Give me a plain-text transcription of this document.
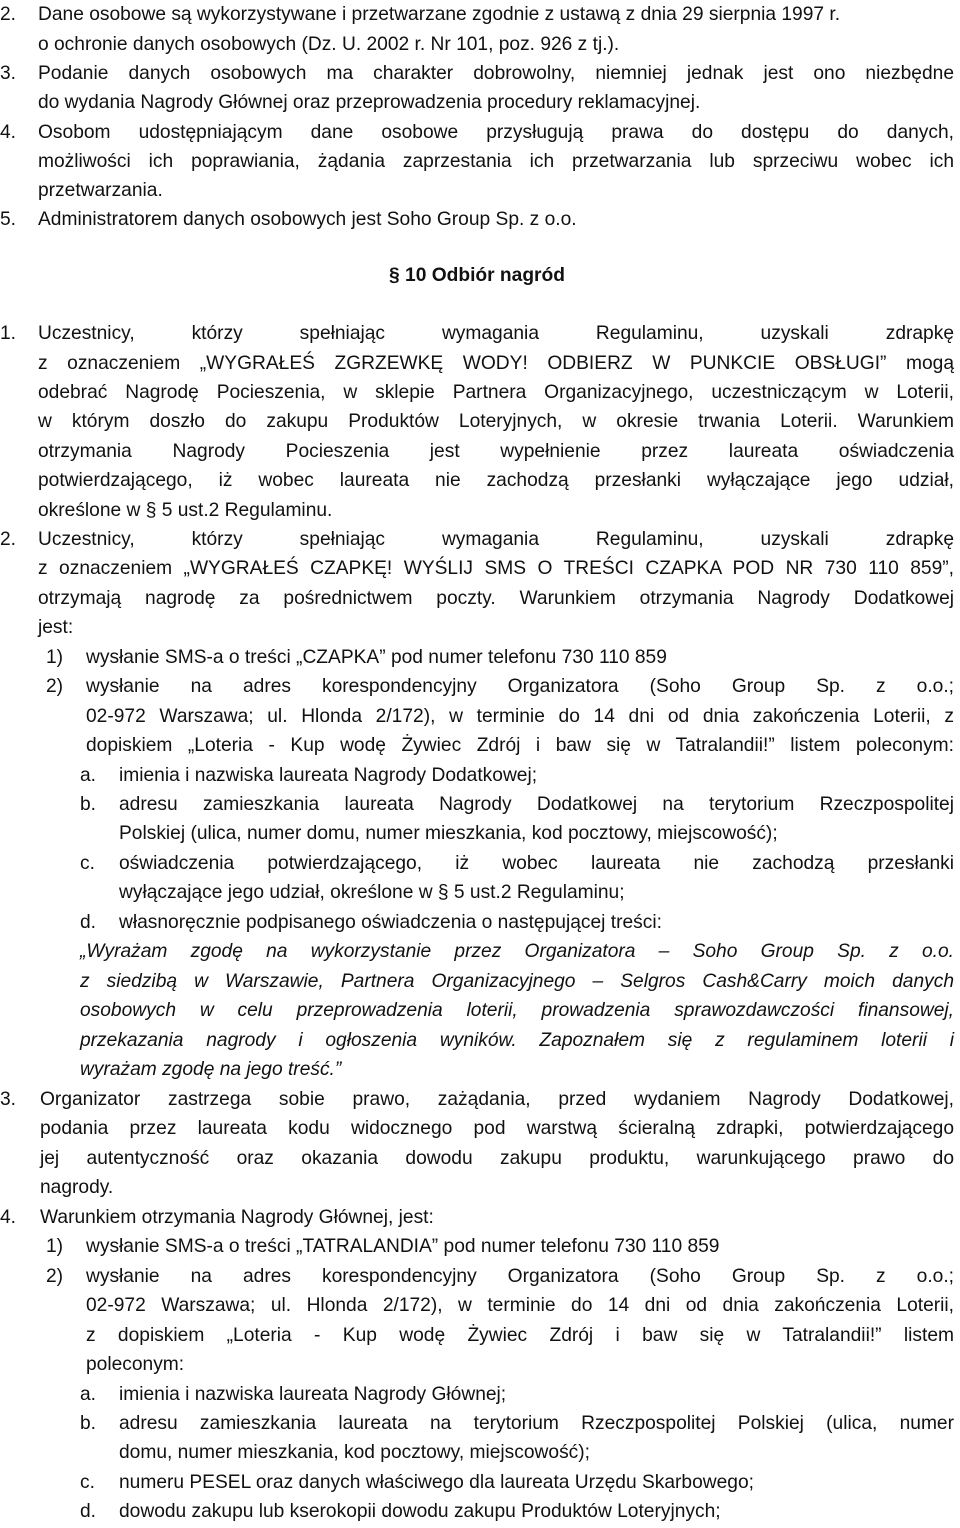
2. Dane osobowe są wykorzystywane i przetwarzane zgodnie z ustawą z dnia 29 sierpnia 1997 r.
o ochronie danych osobowych (Dz. U. 2002 r. Nr 101, poz. 926 z tj.).
3. Podanie danych osobowych ma charakter dobrowolny, niemniej jednak jest ono niezbędne
do wydania Nagrody Głównej oraz przeprowadzenia procedury reklamacyjnej.
4. Osobom udostępniającym dane osobowe przysługują prawa do dostępu do danych,
możliwości ich poprawiania, żądania zaprzestania ich przetwarzania lub sprzeciwu wobec ich
przetwarzania.
5. Administratorem danych osobowych jest Soho Group Sp. z o.o.
§ 10 Odbiór nagród
1. Uczestnicy, którzy spełniając wymagania Regulaminu, uzyskali zdrapkę
z oznaczeniem „WYGRAŁEŚ ZGRZEWKĘ WODY! ODBIERZ W PUNKCIE OBSŁUGI” mogą
odebrać Nagrodę Pocieszenia, w sklepie Partnera Organizacyjnego, uczestniczącym w Loterii,
w którym doszło do zakupu Produktów Loteryjnych, w okresie trwania Loterii. Warunkiem
otrzymania Nagrody Pocieszenia jest wypełnienie przez laureata oświadczenia
potwierdzającego, iż wobec laureata nie zachodzą przesłanki wyłączające jego udział,
określone w § 5 ust.2 Regulaminu.
2. Uczestnicy, którzy spełniając wymagania Regulaminu, uzyskali zdrapkę
z oznaczeniem „WYGRAŁEŚ CZAPKĘ! WYŚLIJ SMS O TREŚCI CZAPKA POD NR 730 110 859”,
otrzymają nagrodę za pośrednictwem poczty. Warunkiem otrzymania Nagrody Dodatkowej
jest:
1) wysłanie SMS-a o treści „CZAPKA” pod numer telefonu 730 110 859
2) wysłanie na adres korespondencyjny Organizatora (Soho Group Sp. z o.o.;
02-972 Warszawa; ul. Hlonda 2/172), w terminie do 14 dni od dnia zakończenia Loterii, z
dopiskiem „Loteria - Kup wodę Żywiec Zdrój i baw się w Tatralandii!” listem poleconym:
a. imienia i nazwiska laureata Nagrody Dodatkowej;
b. adresu zamieszkania laureata Nagrody Dodatkowej na terytorium Rzeczpospolitej
Polskiej (ulica, numer domu, numer mieszkania, kod pocztowy, miejscowość);
c. oświadczenia potwierdzającego, iż wobec laureata nie zachodzą przesłanki
wyłączające jego udział, określone w § 5 ust.2 Regulaminu;
d. własnoręcznie podpisanego oświadczenia o następującej treści:
„Wyrażam zgodę na wykorzystanie przez Organizatora – Soho Group Sp. z o.o.
z siedzibą w Warszawie, Partnera Organizacyjnego – Selgros Cash&Carry moich danych
osobowych w celu przeprowadzenia loterii, prowadzenia sprawozdawczości finansowej,
przekazania nagrody i ogłoszenia wyników. Zapoznałem się z regulaminem loterii i
wyrażam zgodę na jego treść.”
3. Organizator zastrzega sobie prawo, zażądania, przed wydaniem Nagrody Dodatkowej,
podania przez laureata kodu widocznego pod warstwą ścieralną zdrapki, potwierdzającego
jej autentyczność oraz okazania dowodu zakupu produktu, warunkującego prawo do
nagrody.
4. Warunkiem otrzymania Nagrody Głównej, jest:
1) wysłanie SMS-a o treści „TATRALANDIA” pod numer telefonu 730 110 859
2) wysłanie na adres korespondencyjny Organizatora (Soho Group Sp. z o.o.;
02-972 Warszawa; ul. Hlonda 2/172), w terminie do 14 dni od dnia zakończenia Loterii,
z dopiskiem „Loteria - Kup wodę Żywiec Zdrój i baw się w Tatralandii!” listem
poleconym:
a. imienia i nazwiska laureata Nagrody Głównej;
b. adresu zamieszkania laureata na terytorium Rzeczpospolitej Polskiej (ulica, numer
domu, numer mieszkania, kod pocztowy, miejscowość);
c. numeru PESEL oraz danych właściwego dla laureata Urzędu Skarbowego;
d. dowodu zakupu lub kserokopii dowodu zakupu Produktów Loteryjnych;
